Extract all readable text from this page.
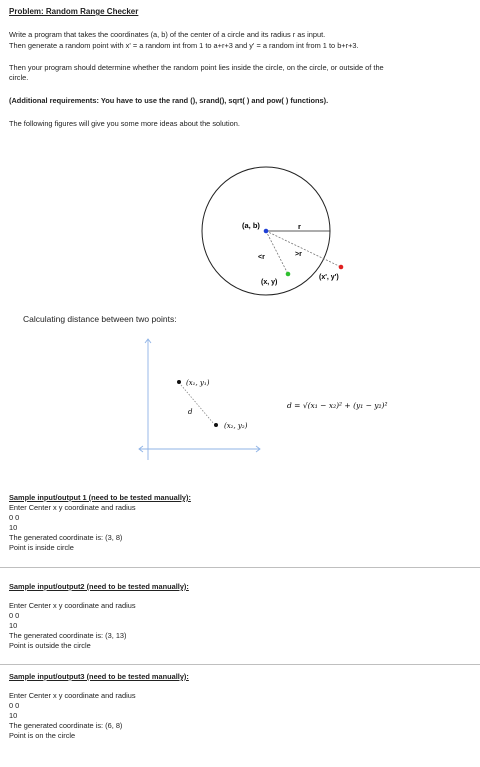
Problem: Random Range Checker

Write a program that takes the coordinates (a, b) of the center of a circle and its radius r as input.

Then generate a random point with x' = a random int from 1 to a+r+3 and y' = a random int from 1 to b+r+3.

Then your program should determine whether the random point lies inside the circle, on the circle, or outside of the

circle.

(Additional requirements: You have to use the rand (), srand(), sqrt( ) and pow( ) functions).

The following figures will give you some more ideas about the solution.

(a, b)	r
<r	>r
(x, y)
(x', y')

Calculating distance between two points:

(x₁, y₁)
(x₂, y₂)
d
d = √(x₁ − x₂)² + (y₁ − y₂)²
Sample input/output 1 (need to be tested manually):
Enter Center x y coordinate and radius
0 0
10
The generated coordinate is: (3, 8)
Point is inside circle
Sample input/output2 (need to be tested manually):
Enter Center x y coordinate and radius
0 0
10
The generated coordinate is: (3, 13)
Point is outside the circle
Sample input/output3 (need to be tested manually):
Enter Center x y coordinate and radius
0 0
10
The generated coordinate is: (6, 8)
Point is on the circle
